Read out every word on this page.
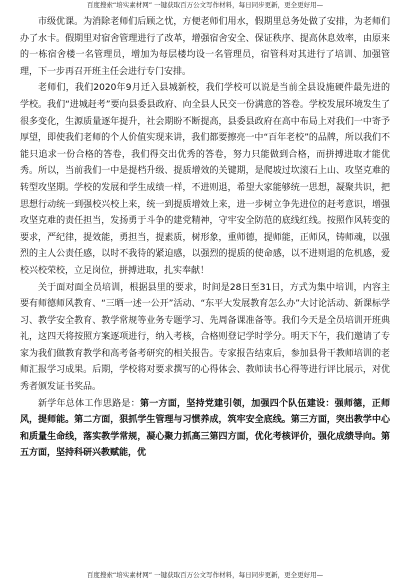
百度搜索“培实素材网” 一键获取百万公文写作材料，每日同步更新，更全更好用—

市级优课。为消除老师们后顾之忧，方便老师们用水，假期里总务处做了安排，为老师们办了水卡。假期里对宿舍管理进行了改革，增强宿舍安全、保证秩序、提高休息效率，由原来的一栋宿舍楼一名管理员，增加为每层楼均设一名管理员，宿管科对其进行了培训、加强管理，下一步再召开班主任会进行专门安排。

老师们，我们2020年9月迁入县城新校，我们学校可以说是当前全县设施硬件最先进的学校。我们“进城赶考”要向县委县政府、向全县人民交一份满意的答卷。学校发展环境发生了很多变化，生源质量逐年提升，社会期盼不断提高，县委县政府在高中布局上对我们一中寄予厚望，即使我们老师的个人价值实现来讲，我们都要擦亮一中“百年老校”的品牌，所以我们不能只追求一份合格的答卷，我们得交出优秀的答卷，努力只能做到合格，而拼搏进取才能优秀。所以，当前我们一中是提档升级、提质增效的关键期，是爬坡过坎滚石上山、攻坚克难的转型攻坚期。学校的发展和学生成绩一样，不进则退，希望大家能够统一思想，凝聚共识，把思想行动统一到强校兴校上来，统一到提质增效上来，进一步树立争先进位的赶考意识，增强攻坚克难的责任担当，发扬勇于斗争的建党精神，守牢安全防范的底线红线。按照作风转变的要求，严纪律，提效能，勇担当，提素质，树形象，重师德，提师能，正师风，铸师魂，以强烈的主人公责任感，以时不我待的紧迫感，以强烈的提质的使命感，以不进则退的危机感，爱校兴校荣校，立足岗位，拼搏进取，扎实奉献！

关于面对面全员培训，根据县里的要求，时间是28日至31日，方式为集中培训，内容主要有师德师风教育、“三晒一述一公开”活动、“东平大发展教育怎么办”大讨论活动、新课标学习、教学安全教育、教学常规等业务专题学习、先周备课准备等。我们今天是全员培训开班典礼，这四天将按照方案逐项进行，纳入考核，合格则登记学时学分。明天下午，我们邀请了专家为我们做教育教学和高考备考研究的相关报告。专家报告结束后，参加县骨干教师培训的老师汇报学习成果。后期，学校将对要求撰写的心得体会、教师读书心得等进行评比展示，对优秀者颁发证书奖品。

新学年总体工作思路是：第一方面，坚持党建引领，加强四个队伍建设：强师德，正师风，提师能。第二方面，狠抓学生管理与习惯养成，筑牢安全底线。第三方面，突出教学中心和质量生命线，落实教学常规，凝心聚力抓高三第四方面，优化考核评价，强化成绩导向。第五方面，坚持科研兴教赋能，优

百度搜索“培实素材网” 一键获取百万公文写作材料，每日同步更新，更全更好用—
